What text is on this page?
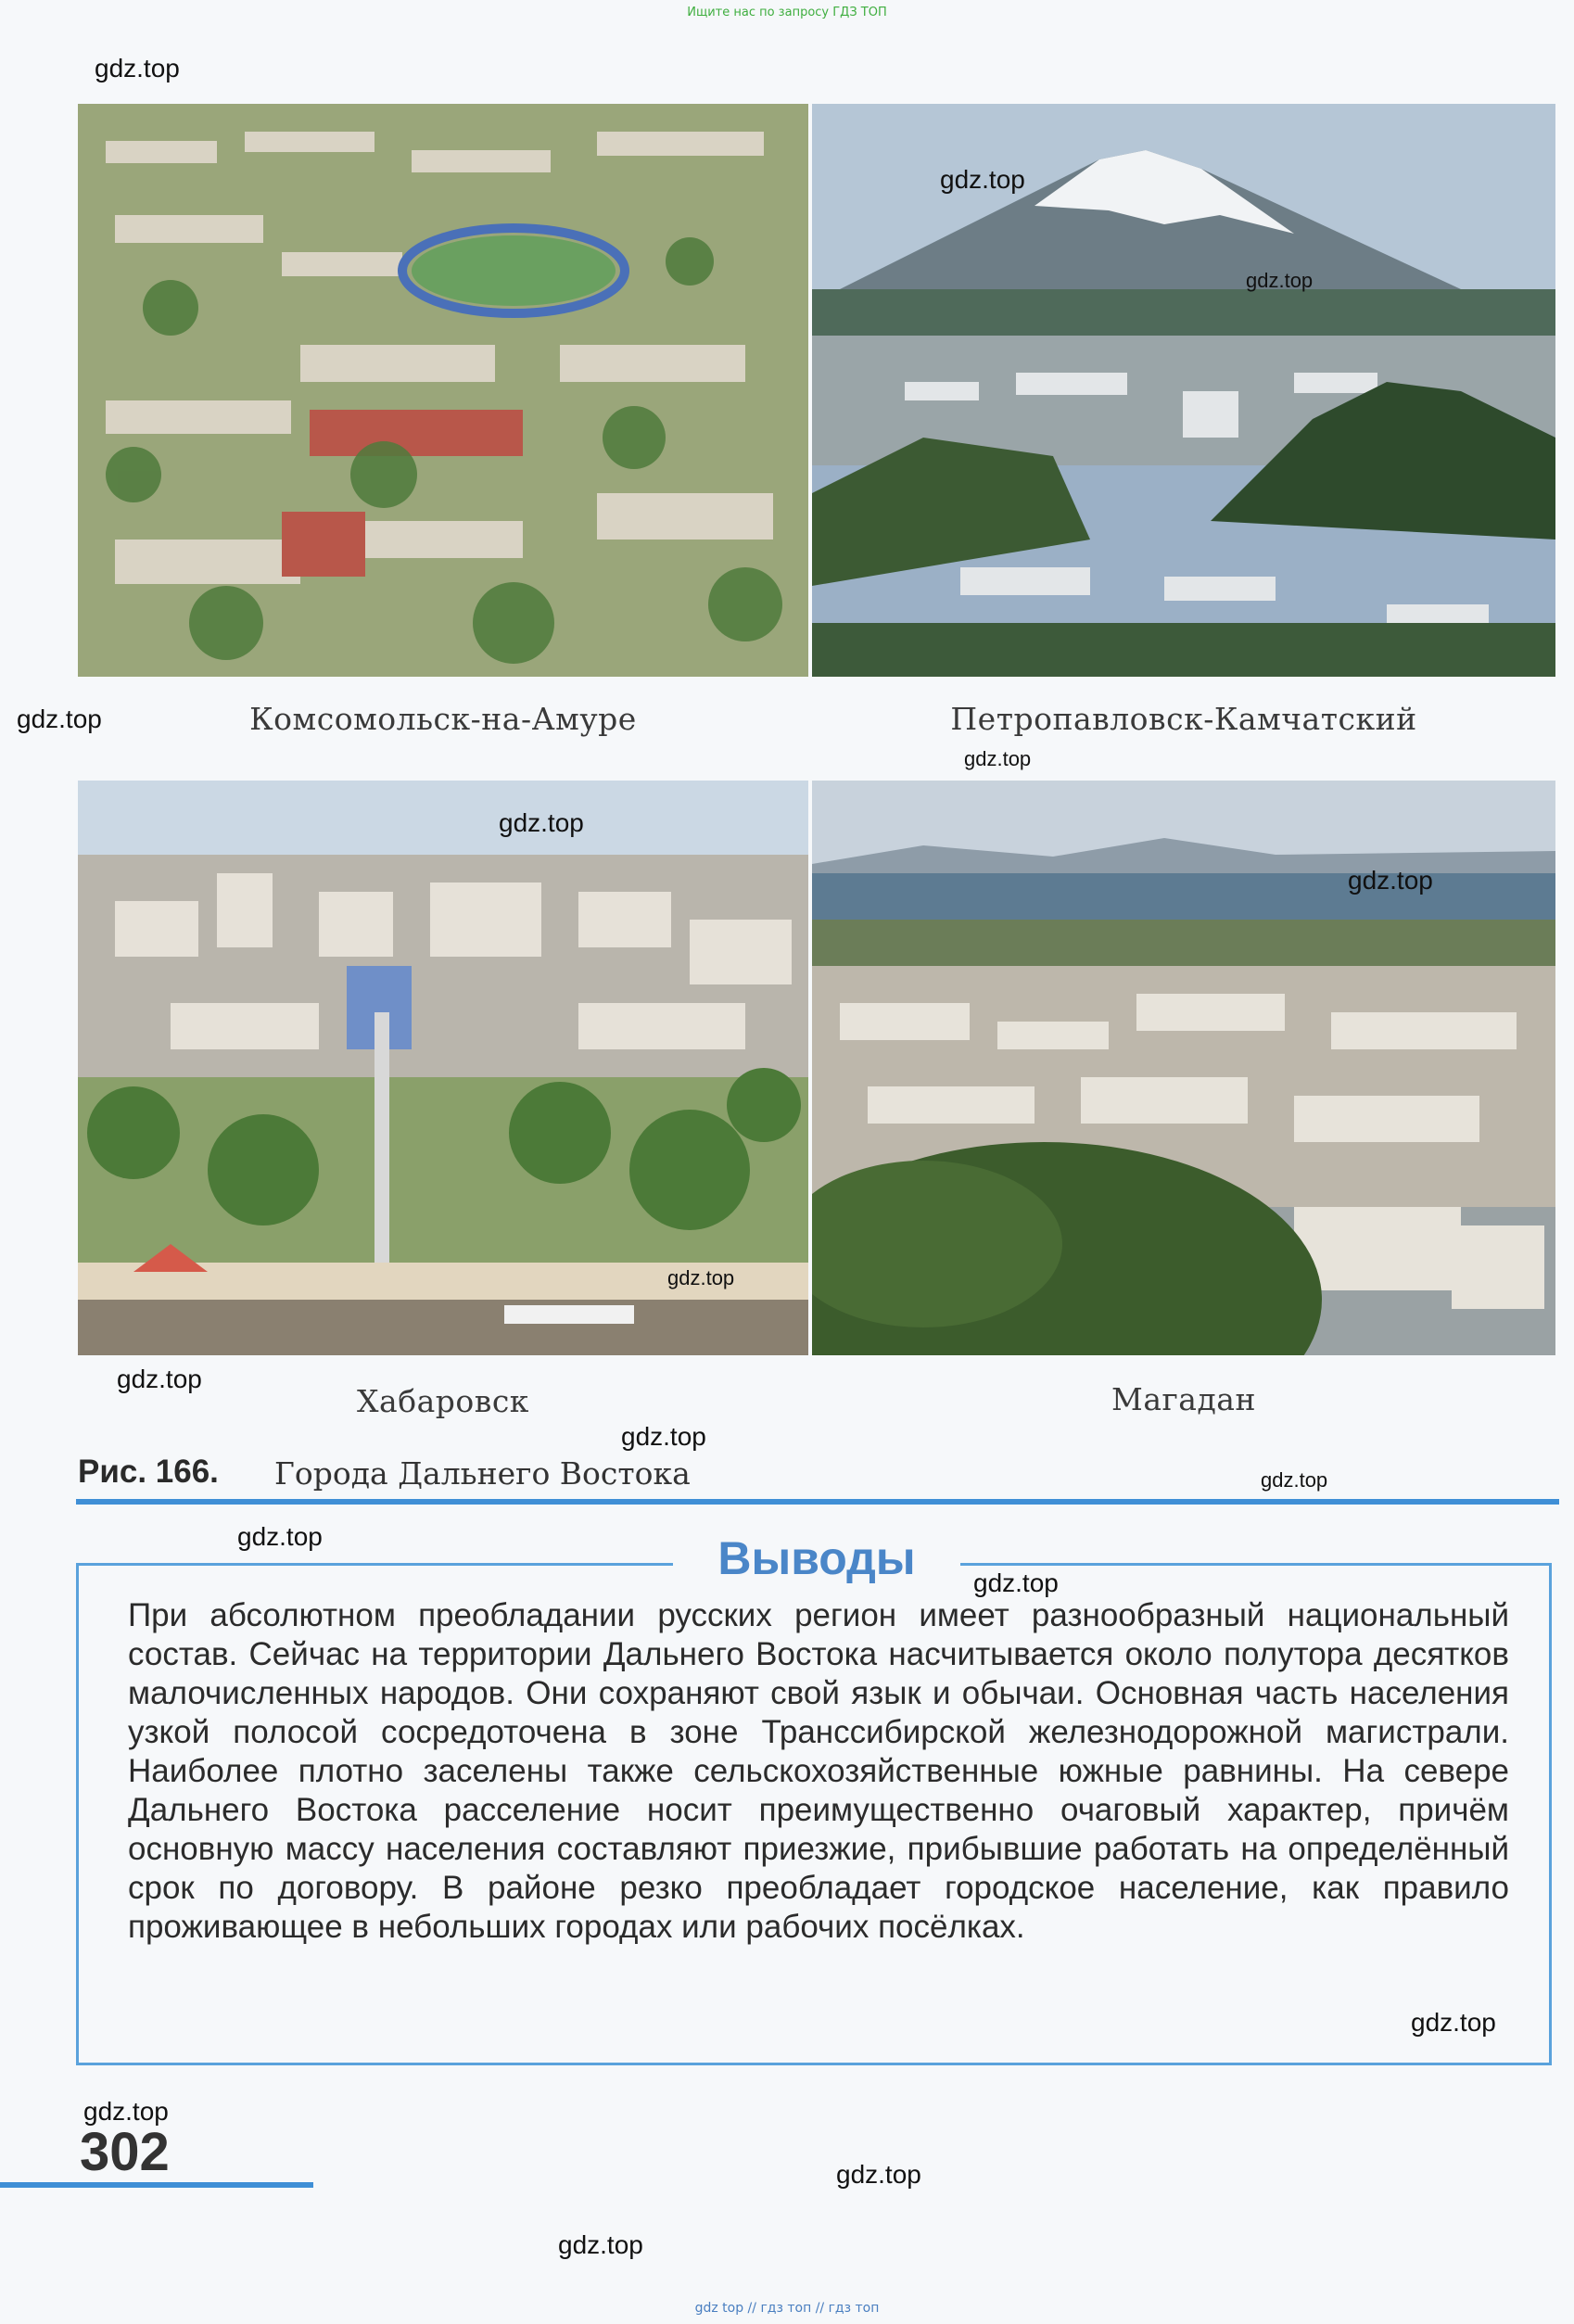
Ищите нас по запросу ГДЗ ТОП
Комсомольск-на-Амуре	Петропавловск-Камчатский
Хабаровск	Магадан
Рис. 166. Города Дальнего Востока
Выводы
При абсолютном преобладании русских регион имеет разнообразный национальный состав. Сейчас на территории Дальнего Востока насчитывается около полутора десятков малочисленных народов. Они сохраняют свой язык и обычаи. Основная часть населения узкой полосой сосредоточена в зоне Транссибирской железнодорожной магистрали. Наиболее плотно заселены также сельскохозяйственные южные равнины. На севере Дальнего Востока расселение носит преимущественно очаговый характер, причём основную массу населения составляют приезжие, прибывшие работать на определённый срок по договору. В районе резко преобладает городское население, как правило проживающее в небольших городах или рабочих посёлках.
302
gdz.top
gdz.top
gdz.top
gdz.top
gdz.top
gdz.top
gdz.top
gdz.top
gdz.top
gdz.top
gdz.top
gdz.top
gdz.top
gdz.top
gdz.top
gdz.top
gdz.top
gdz top // гдз топ // гдз топ
